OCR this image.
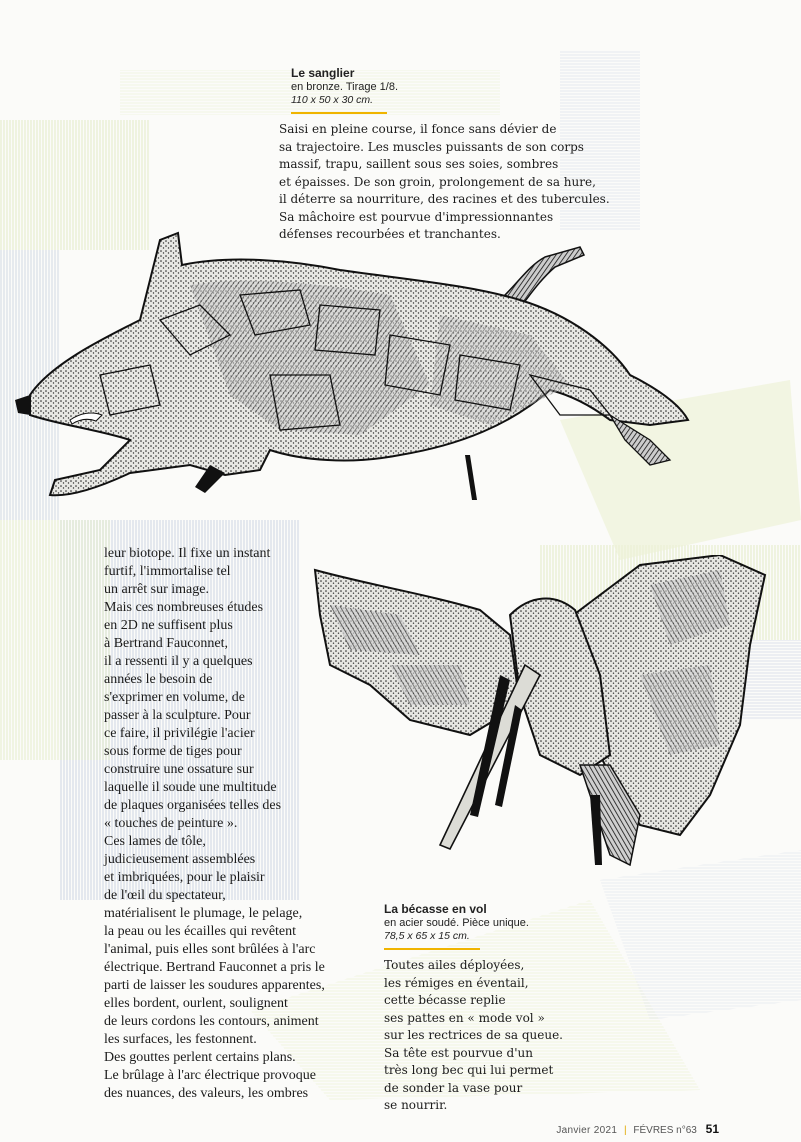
Le sanglier
en bronze. Tirage 1/8.
110 x 50 x 30 cm.
Saisi en pleine course, il fonce sans dévier de
sa trajectoire. Les muscles puissants de son corps
massif, trapu, saillent sous ses soies, sombres
et épaisses. De son groin, prolongement de sa hure,
il déterre sa nourriture, des racines et des tubercules.
Sa mâchoire est pourvue d'impressionnantes
défenses recourbées et tranchantes.
leur biotope. Il fixe un instant
furtif, l'immortalise tel
un arrêt sur image.
Mais ces nombreuses études
en 2D ne suffisent plus
à Bertrand Fauconnet,
il a ressenti il y a quelques
années le besoin de
s'exprimer en volume, de
passer à la sculpture. Pour
ce faire, il privilégie l'acier
sous forme de tiges pour
construire une ossature sur
laquelle il soude une multitude
de plaques organisées telles des
« touches de peinture ».
Ces lames de tôle,
judicieusement assemblées
et imbriquées, pour le plaisir
de l'œil du spectateur,
matérialisent le plumage, le pelage,
la peau ou les écailles qui revêtent
l'animal, puis elles sont brûlées à l'arc
électrique. Bertrand Fauconnet a pris le
parti de laisser les soudures apparentes,
elles bordent, ourlent, soulignent
de leurs cordons les contours, animent
les surfaces, les festonnent.
Des gouttes perlent certains plans.
Le brûlage à l'arc électrique provoque
des nuances, des valeurs, les ombres
La bécasse en vol
en acier soudé. Pièce unique.
78,5 x 65 x 15 cm.
Toutes ailes déployées,
les rémiges en éventail,
cette bécasse replie
ses pattes en « mode vol »
sur les rectrices de sa queue.
Sa tête est pourvue d'un
très long bec qui lui permet
de sonder la vase pour
se nourrir.
Janvier 2021 | FÉVRES n°63 51
